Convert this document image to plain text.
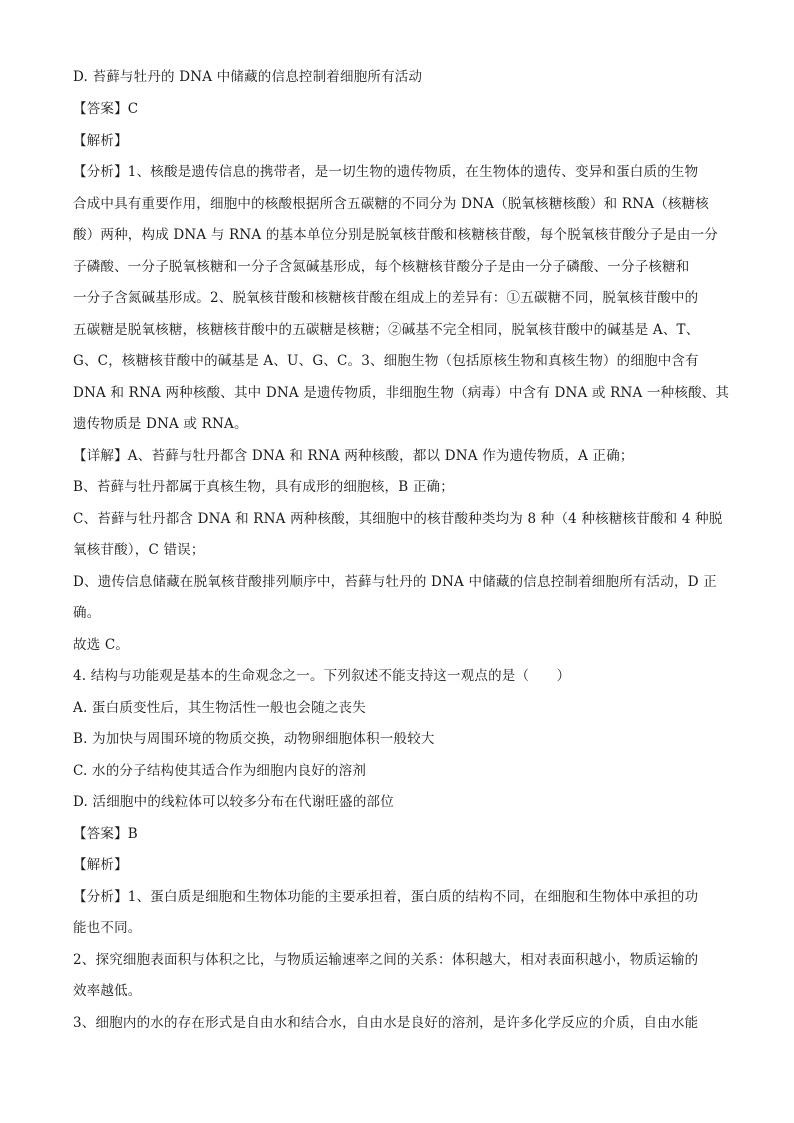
D. 苔藓与牡丹的 DNA 中储藏的信息控制着细胞所有活动
【答案】C
【解析】
【分析】1、核酸是遗传信息的携带者，是一切生物的遗传物质，在生物体的遗传、变异和蛋白质的生物
合成中具有重要作用，细胞中的核酸根据所含五碳糖的不同分为 DNA（脱氧核糖核酸）和 RNA（核糖核
酸）两种，构成 DNA 与 RNA 的基本单位分别是脱氧核苷酸和核糖核苷酸，每个脱氧核苷酸分子是由一分
子磷酸、一分子脱氧核糖和一分子含氮碱基形成，每个核糖核苷酸分子是由一分子磷酸、一分子核糖和
一分子含氮碱基形成。2、脱氧核苷酸和核糖核苷酸在组成上的差异有：①五碳糖不同，脱氧核苷酸中的
五碳糖是脱氧核糖，核糖核苷酸中的五碳糖是核糖；②碱基不完全相同，脱氧核苷酸中的碱基是 A、T、
G、C，核糖核苷酸中的碱基是 A、U、G、C。3、细胞生物（包括原核生物和真核生物）的细胞中含有
DNA 和 RNA 两种核酸、其中 DNA 是遗传物质，非细胞生物（病毒）中含有 DNA 或 RNA 一种核酸、其
遗传物质是 DNA 或 RNA。
【详解】A、苔藓与牡丹都含 DNA 和 RNA 两种核酸，都以 DNA 作为遗传物质，A 正确；
B、苔藓与牡丹都属于真核生物，具有成形的细胞核，B 正确；
C、苔藓与牡丹都含 DNA 和 RNA 两种核酸，其细胞中的核苷酸种类均为 8 种（4 种核糖核苷酸和 4 种脱
氧核苷酸），C 错误；
D、遗传信息储藏在脱氧核苷酸排列顺序中，苔藓与牡丹的 DNA 中储藏的信息控制着细胞所有活动，D 正
确。
故选 C。
4. 结构与功能观是基本的生命观念之一。下列叙述不能支持这一观点的是（　　）
A. 蛋白质变性后，其生物活性一般也会随之丧失
B. 为加快与周围环境的物质交换，动物卵细胞体积一般较大
C. 水的分子结构使其适合作为细胞内良好的溶剂
D. 活细胞中的线粒体可以较多分布在代谢旺盛的部位
【答案】B
【解析】
【分析】1、蛋白质是细胞和生物体功能的主要承担着，蛋白质的结构不同，在细胞和生物体中承担的功
能也不同。
2、探究细胞表面积与体积之比，与物质运输速率之间的关系：体积越大，相对表面积越小，物质运输的
效率越低。
3、细胞内的水的存在形式是自由水和结合水，自由水是良好的溶剂，是许多化学反应的介质，自由水能
